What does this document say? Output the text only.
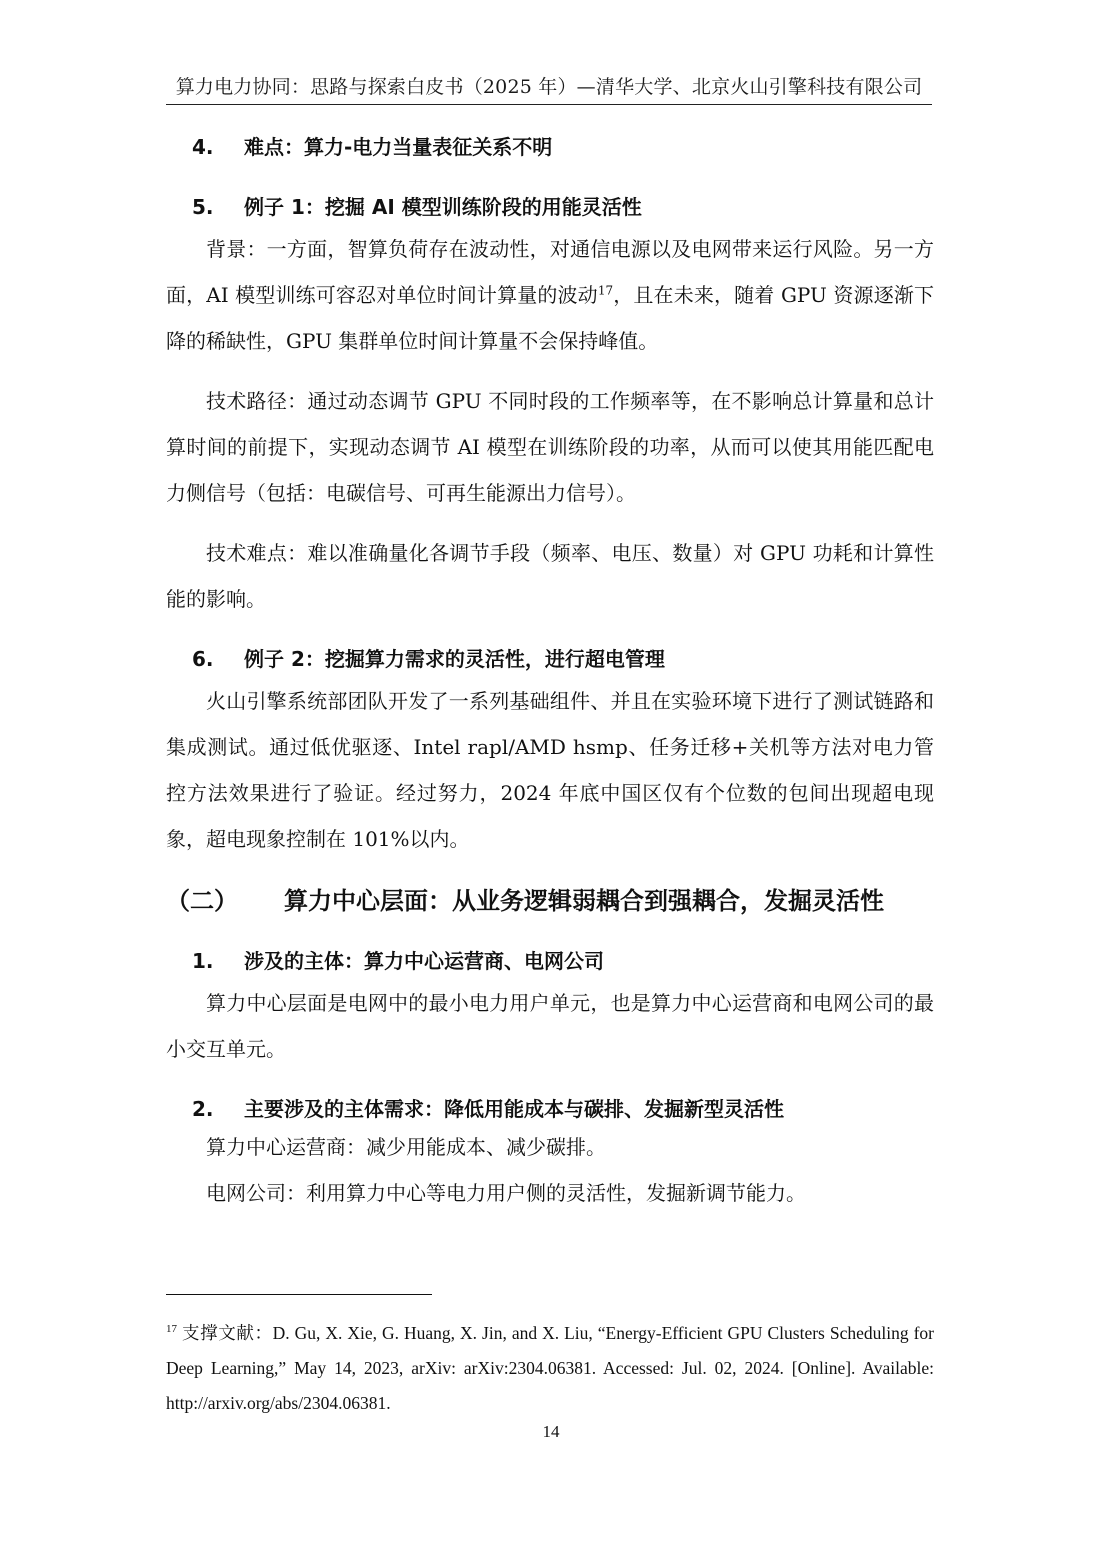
算力电力协同：思路与探索白皮书（2025 年）—清华大学、北京火山引擎科技有限公司
4. 难点：算力-电力当量表征关系不明
5. 例子 1：挖掘 AI 模型训练阶段的用能灵活性

背景：一方面，智算负荷存在波动性，对通信电源以及电网带来运行风险。另一方面，AI 模型训练可容忍对单位时间计算量的波动$^{17}$，且在未来，随着 GPU 资源逐渐下降的稀缺性，GPU 集群单位时间计算量不会保持峰值。

技术路径：通过动态调节 GPU 不同时段的工作频率等，在不影响总计算量和总计算时间的前提下，实现动态调节 AI 模型在训练阶段的功率，从而可以使其用能匹配电力侧信号（包括：电碳信号、可再生能源出力信号）。

技术难点：难以准确量化各调节手段（频率、电压、数量）对 GPU 功耗和计算性能的影响。

6. 例子 2：挖掘算力需求的灵活性，进行超电管理

火山引擎系统部团队开发了一系列基础组件、并且在实验环境下进行了测试链路和集成测试。通过低优驱逐、Intel rapl/AMD hsmp、任务迁移+关机等方法对电力管控方法效果进行了验证。经过努力，2024 年底中国区仅有个位数的包间出现超电现象，超电现象控制在 101%以内。

（二） 算力中心层面：从业务逻辑弱耦合到强耦合，发掘灵活性
1. 涉及的主体：算力中心运营商、电网公司

算力中心层面是电网中的最小电力用户单元，也是算力中心运营商和电网公司的最小交互单元。

2. 主要涉及的主体需求：降低用能成本与碳排、发掘新型灵活性

算力中心运营商：减少用能成本、减少碳排。

电网公司：利用算力中心等电力用户侧的灵活性，发掘新调节能力。

$^{17}$ 支撑文献：D. Gu, X. Xie, G. Huang, X. Jin, and X. Liu, “Energy-Efficient GPU Clusters Scheduling for Deep Learning,” May 14, 2023, arXiv: arXiv:2304.06381. Accessed: Jul. 02, 2024. [Online]. Available: http://arxiv.org/abs/2304.06381.
14
